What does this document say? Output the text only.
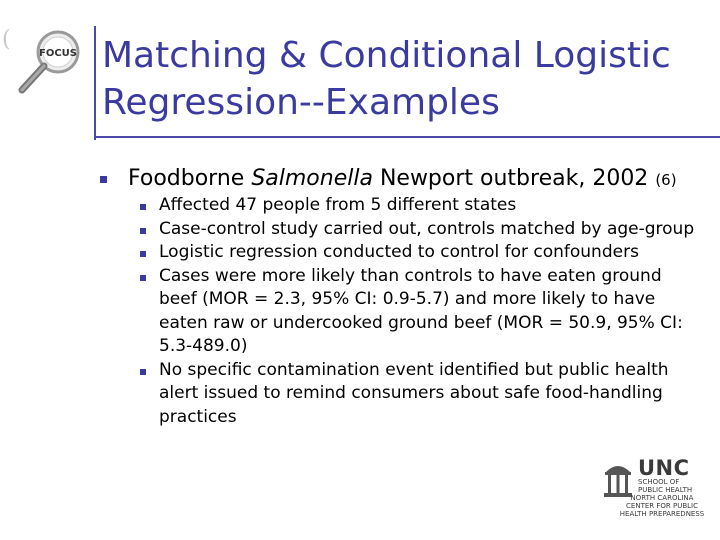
(
FOCUS Matching & Conditional Logistic
Regression--Examples
Foodborne Salmonella Newport outbreak, 2002 (6)
Affected 47 people from 5 different states
Case-control study carried out, controls matched by age-group
Logistic regression conducted to control for confounders
Cases were more likely than controls to have eaten ground beef (MOR = 2.3, 95% CI: 0.9-5.7) and more likely to have eaten raw or undercooked ground beef (MOR = 50.9, 95% CI: 5.3-489.0)
No specific contamination event identified but public health alert issued to remind consumers about safe food-handling practices
UNC
SCHOOL OF
PUBLIC HEALTH
NORTH CAROLINA
CENTER FOR PUBLIC
HEALTH PREPAREDNESS
